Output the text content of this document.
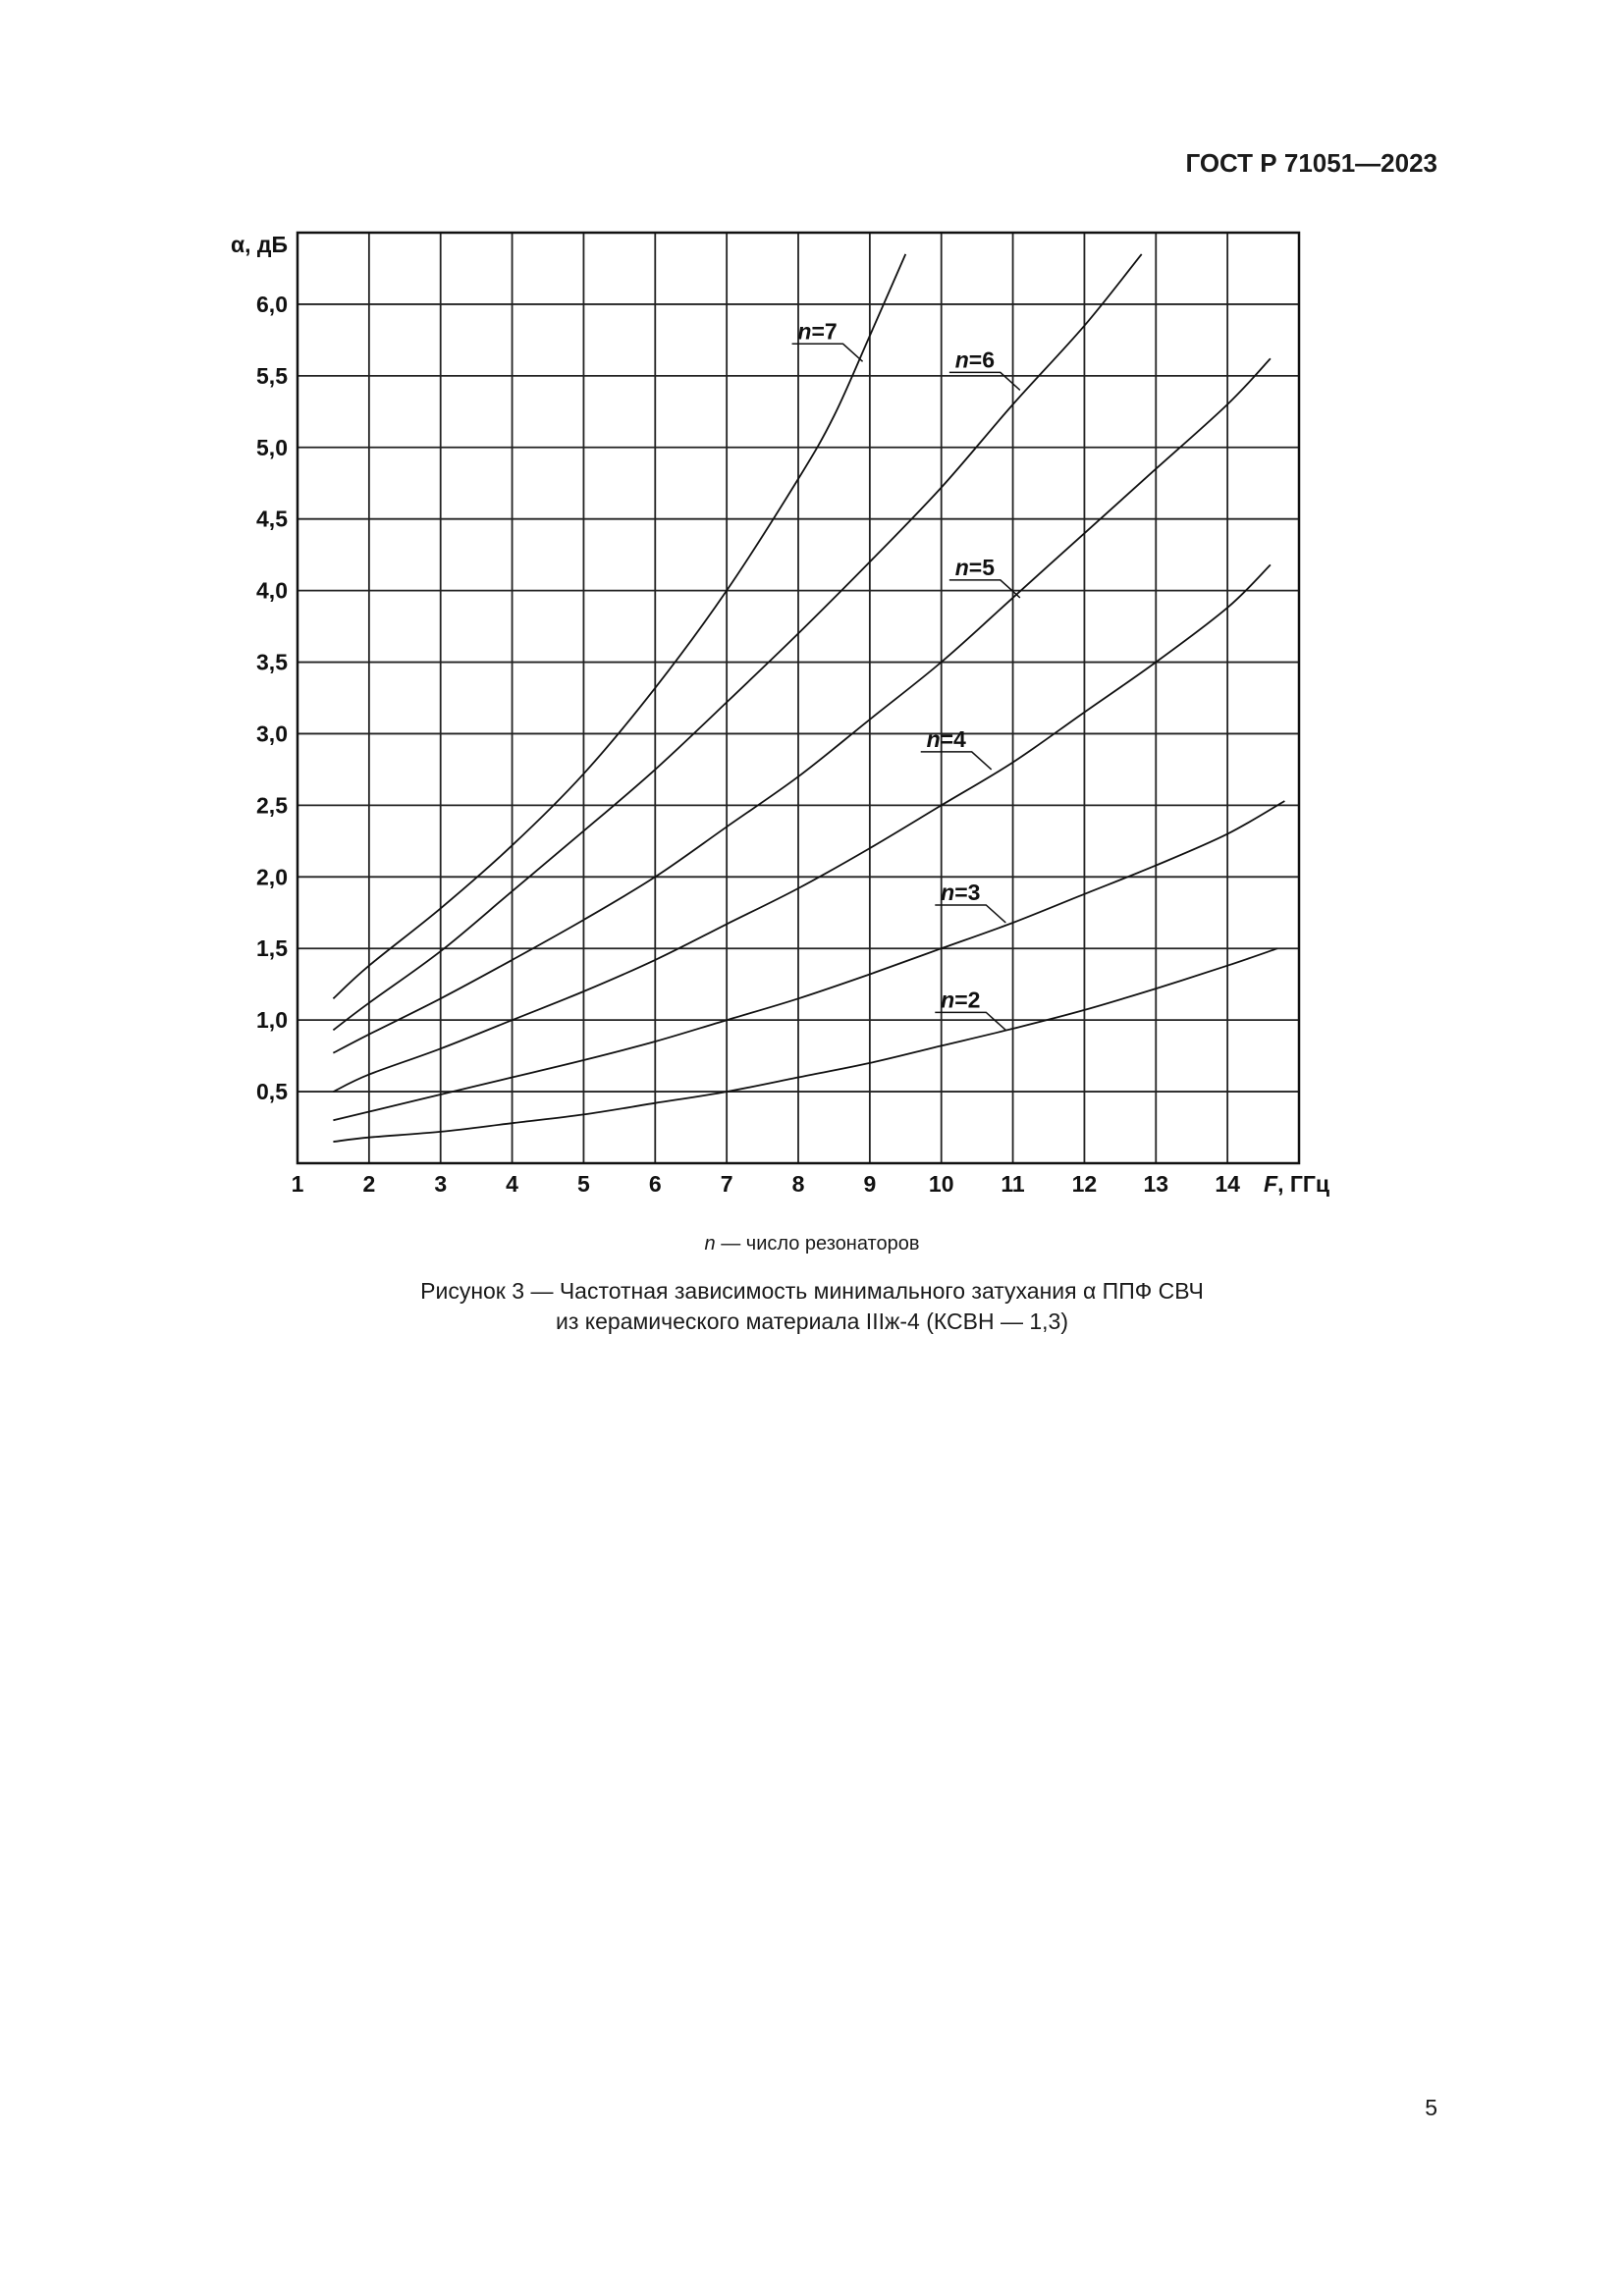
ГОСТ Р 71051—2023
n=7
n=6
n=5
n=4
n=3
n=2
1	2	3	4	5	6	7	8	9 10 11 12 13 14 F, ГГц
0,5
1,0
1,5
2,0
2,5
3,0
3,5
4,0
4,5
5,0
5,5
6,0
α, дБ
n — число резонаторов
Рисунок 3 — Частотная зависимость минимального затухания α ППФ СВЧ
из керамического материала IIIж-4 (КСВН — 1,3)
5
